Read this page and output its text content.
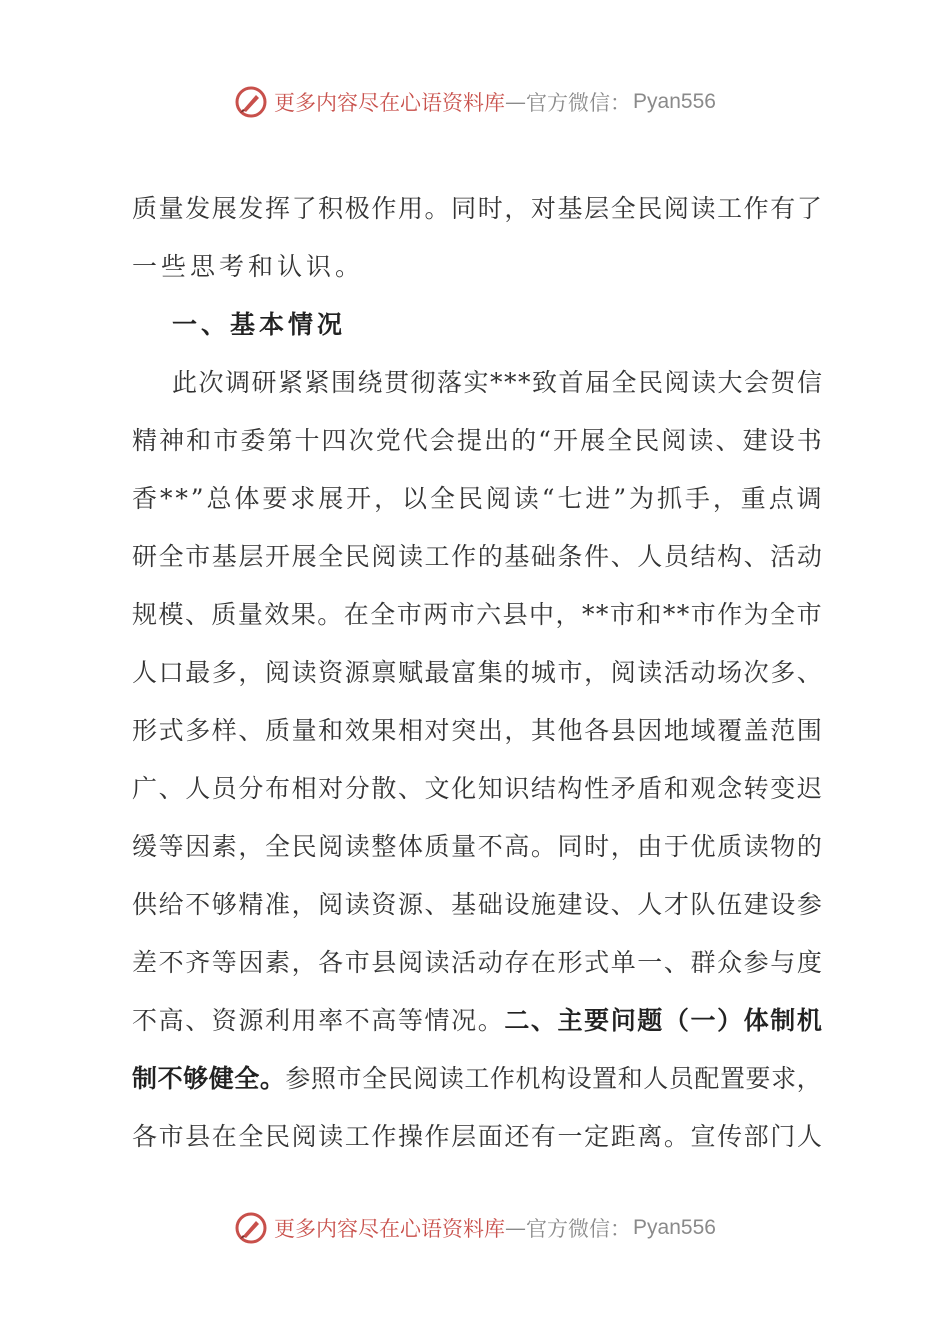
更多内容尽在心语资料库 — 官方微信： Pyan556
质 量 发 展 发 挥 了 积 极 作 用 。 同 时 ， 对 基 层 全 民 阅 读 工 作 有 了
一些思考和认识。
一、基本情况
此 次 调 研 紧 紧 围 绕 贯 彻 落 实 * * * 致 首 届 全 民 阅 读 大 会 贺 信
精 神 和 市 委 第 十 四 次 党 代 会 提 出 的 “ 开 展 全 民 阅 读 、 建 设 书
香 * * ” 总 体 要 求 展 开 ， 以 全 民 阅 读 “ 七 进 ” 为 抓 手 ， 重 点 调
研 全 市 基 层 开 展 全 民 阅 读 工 作 的 基 础 条 件 、 人 员 结 构 、 活 动
规 模 、 质 量 效 果 。 在 全 市 两 市 六 县 中 ， * * 市 和 * * 市 作 为 全 市
人 口 最 多 ， 阅 读 资 源 禀 赋 最 富 集 的 城 市 ， 阅 读 活 动 场 次 多 、
形 式 多 样 、 质 量 和 效 果 相 对 突 出 ， 其 他 各 县 因 地 域 覆 盖 范 围
广 、 人 员 分 布 相 对 分 散 、 文 化 知 识 结 构 性 矛 盾 和 观 念 转 变 迟
缓 等 因 素 ， 全 民 阅 读 整 体 质 量 不 高 。 同 时 ， 由 于 优 质 读 物 的
供 给 不 够 精 准 ， 阅 读 资 源 、 基 础 设 施 建 设 、 人 才 队 伍 建 设 参
差 不 齐 等 因 素 ， 各 市 县 阅 读 活 动 存 在 形 式 单 一 、 群 众 参 与 度
不 高 、 资 源 利 用 率 不 高 等 情 况 。 二 、 主 要 问 题 （ 一 ） 体 制 机
制 不 够 健 全 。 参 照 市 全 民 阅 读 工 作 机 构 设 置 和 人 员 配 置 要 求 ，
各 市 县 在 全 民 阅 读 工 作 操 作 层 面 还 有 一 定 距 离 。 宣 传 部 门 人
更多内容尽在心语资料库 — 官方微信： Pyan556
